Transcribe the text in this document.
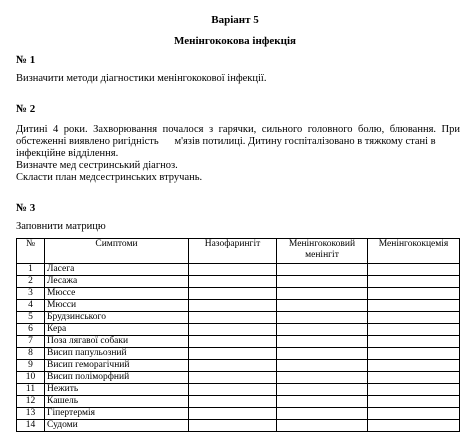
Варіант 5
Менінгококова інфекція
№ 1
Визначити методи діагностики менінгококової інфекції.
№ 2
Дитині 4 роки. Захворювання почалося з гарячки, сильного головного болю, блювання. При
обстеженні виявлено ригідність      м'язів потилиці. Дитину госпіталізовано в тяжкому стані в
інфекційне відділення.
Визначте мед сестринський діагноз.
Скласти план медсестринських втручань.
№ 3
Заповнити матрицю
№	Симптоми	Назофарингіт	Менінгококовий менінгіт	Менінгококцемія
1	Ласега			
2	Лесажа			
3	Мюссе			
4	Мюсси			
5	Брудзинського			
6	Кера			
7	Поза лягавої собаки			
8	Висип папульозний			
9	Висип геморагічний			
10	Висип поліморфний			
11	Нежить			
12	Кашель			
13	Гіпертермія			
14	Судоми			
